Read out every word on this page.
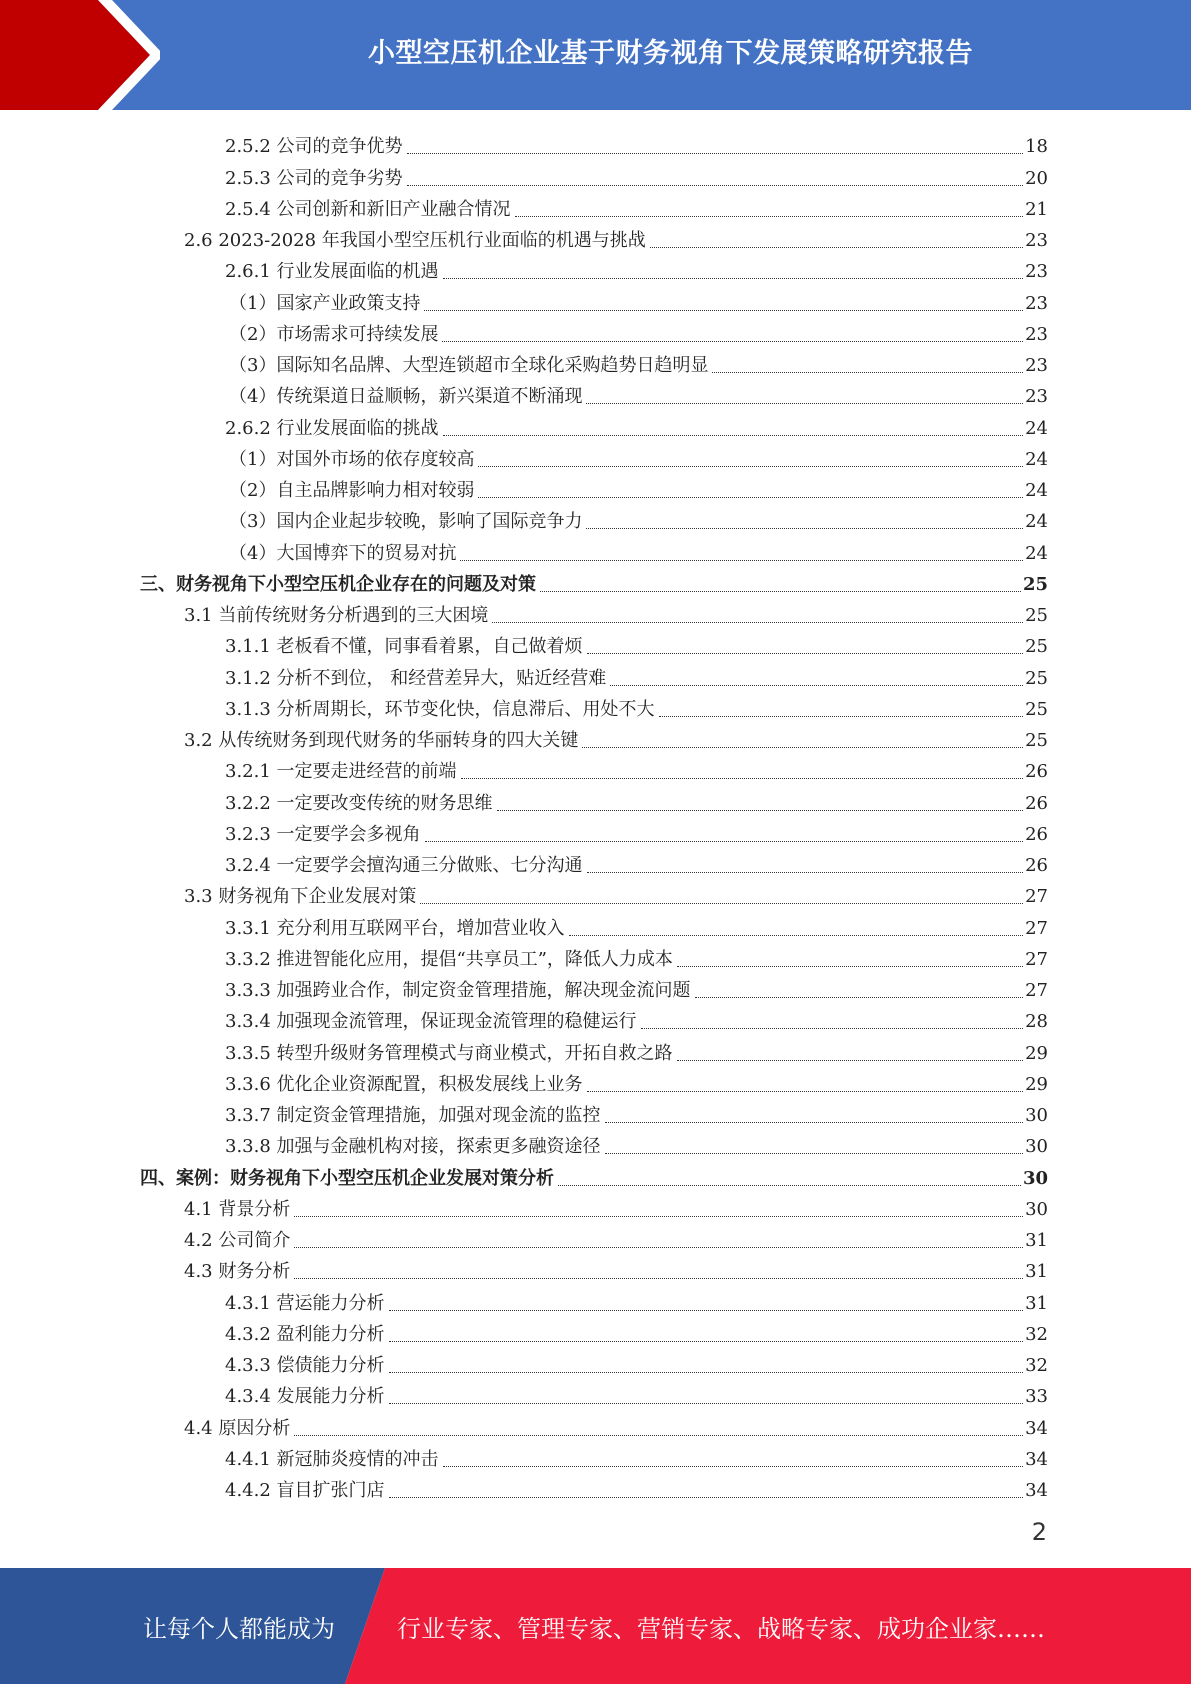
小型空压机企业基于财务视角下发展策略研究报告
2.5.2 公司的竞争优势	18
2.5.3 公司的竞争劣势	20
2.5.4 公司创新和新旧产业融合情况	21
2.6 2023-2028 年我国小型空压机行业面临的机遇与挑战	23
2.6.1 行业发展面临的机遇	23
（1）国家产业政策支持	23
（2）市场需求可持续发展	23
（3）国际知名品牌、大型连锁超市全球化采购趋势日趋明显	23
（4）传统渠道日益顺畅，新兴渠道不断涌现	23
2.6.2 行业发展面临的挑战	24
（1）对国外市场的依存度较高	24
（2）自主品牌影响力相对较弱	24
（3）国内企业起步较晚，影响了国际竞争力	24
（4）大国博弈下的贸易对抗	24
三、财务视角下小型空压机企业存在的问题及对策	25
3.1 当前传统财务分析遇到的三大困境	25
3.1.1 老板看不懂，同事看着累，自己做着烦	25
3.1.2 分析不到位， 和经营差异大，贴近经营难	25
3.1.3 分析周期长，环节变化快，信息滞后、用处不大	25
3.2 从传统财务到现代财务的华丽转身的四大关键	25
3.2.1 一定要走进经营的前端	26
3.2.2 一定要改变传统的财务思维	26
3.2.3 一定要学会多视角	26
3.2.4 一定要学会擅沟通三分做账、七分沟通	26
3.3 财务视角下企业发展对策	27
3.3.1 充分利用互联网平台，增加营业收入	27
3.3.2 推进智能化应用，提倡“共享员工”，降低人力成本	27
3.3.3 加强跨业合作，制定资金管理措施，解决现金流问题	27
3.3.4 加强现金流管理，保证现金流管理的稳健运行	28
3.3.5 转型升级财务管理模式与商业模式，开拓自救之路	29
3.3.6 优化企业资源配置，积极发展线上业务	29
3.3.7 制定资金管理措施，加强对现金流的监控	30
3.3.8 加强与金融机构对接，探索更多融资途径	30
四、案例：财务视角下小型空压机企业发展对策分析	30
4.1 背景分析	30
4.2 公司简介	31
4.3 财务分析	31
4.3.1 营运能力分析	31
4.3.2 盈利能力分析	32
4.3.3 偿债能力分析	32
4.3.4 发展能力分析	33
4.4 原因分析	34
4.4.1 新冠肺炎疫情的冲击	34
4.4.2 盲目扩张门店	34
2
让每个人都能成为	行业专家、管理专家、营销专家、战略专家、成功企业家……
